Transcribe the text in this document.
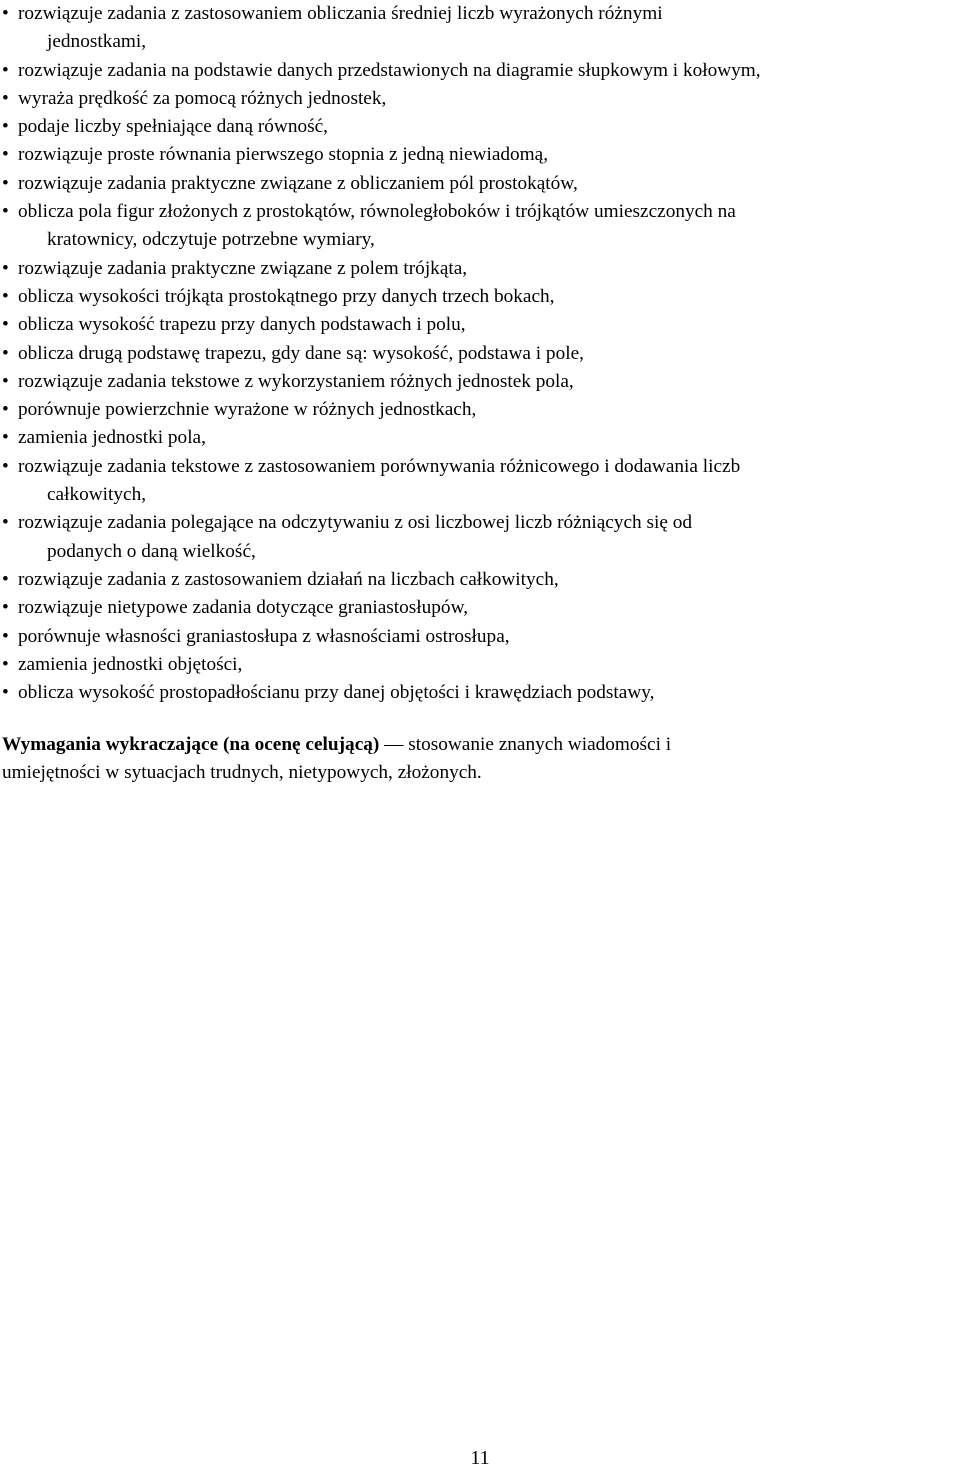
• rozwiązuje zadania z zastosowaniem obliczania średniej liczb wyrażonych różnymi
jednostkami,
• rozwiązuje zadania na podstawie danych przedstawionych na diagramie słupkowym i kołowym,
• wyraża prędkość za pomocą różnych jednostek,
• podaje liczby spełniające daną równość,
• rozwiązuje proste równania pierwszego stopnia z jedną niewiadomą,
• rozwiązuje zadania praktyczne związane z obliczaniem pól prostokątów,
• oblicza pola figur złożonych z prostokątów, równoległoboków i trójkątów umieszczonych na
kratownicy, odczytuje potrzebne wymiary,
• rozwiązuje zadania praktyczne związane z polem trójkąta,
• oblicza wysokości trójkąta prostokątnego przy danych trzech bokach,
• oblicza wysokość trapezu przy danych podstawach i polu,
• oblicza drugą podstawę trapezu, gdy dane są: wysokość, podstawa i pole,
• rozwiązuje zadania tekstowe z wykorzystaniem różnych jednostek pola,
• porównuje powierzchnie wyrażone w różnych jednostkach,
• zamienia jednostki pola,
• rozwiązuje zadania tekstowe z zastosowaniem porównywania różnicowego i dodawania liczb
całkowitych,
• rozwiązuje zadania polegające na odczytywaniu z osi liczbowej liczb różniących się od
podanych o daną wielkość,
• rozwiązuje zadania z zastosowaniem działań na liczbach całkowitych,
• rozwiązuje nietypowe zadania dotyczące graniastosłupów,
• porównuje własności graniastosłupa z własnościami ostrosłupa,
• zamienia jednostki objętości,
• oblicza wysokość prostopadłościanu przy danej objętości i krawędziach podstawy,
Wymagania wykraczające (na ocenę celującą) — stosowanie znanych wiadomości i
umiejętności w sytuacjach trudnych, nietypowych, złożonych.
11
